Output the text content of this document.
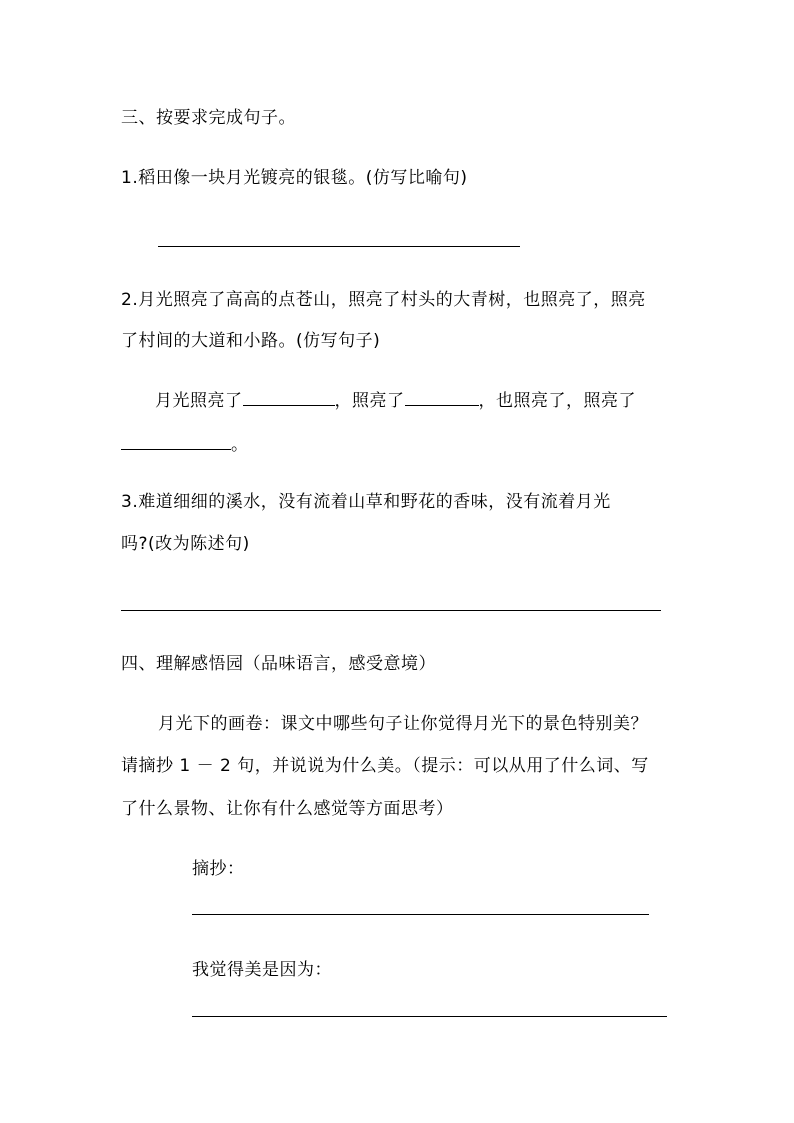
三、按要求完成句子。
1.稻田像一块月光镀亮的银毯。(仿写比喻句)
2.月光照亮了高高的点苍山，照亮了村头的大青树，也照亮了，照亮
了村间的大道和小路。(仿写句子)
月光照亮了	，照亮了	，也照亮了，照亮了
。
3.难道细细的溪水，没有流着山草和野花的香味，没有流着月光
吗?(改为陈述句)
四、理解感悟园（品味语言，感受意境）
月光下的画卷：课文中哪些句子让你觉得月光下的景色特别美？
请摘抄 1 － 2 句，并说说为什么美。（提示：可以从用了什么词、写
了什么景物、让你有什么感觉等方面思考）
摘抄：
我觉得美是因为：
